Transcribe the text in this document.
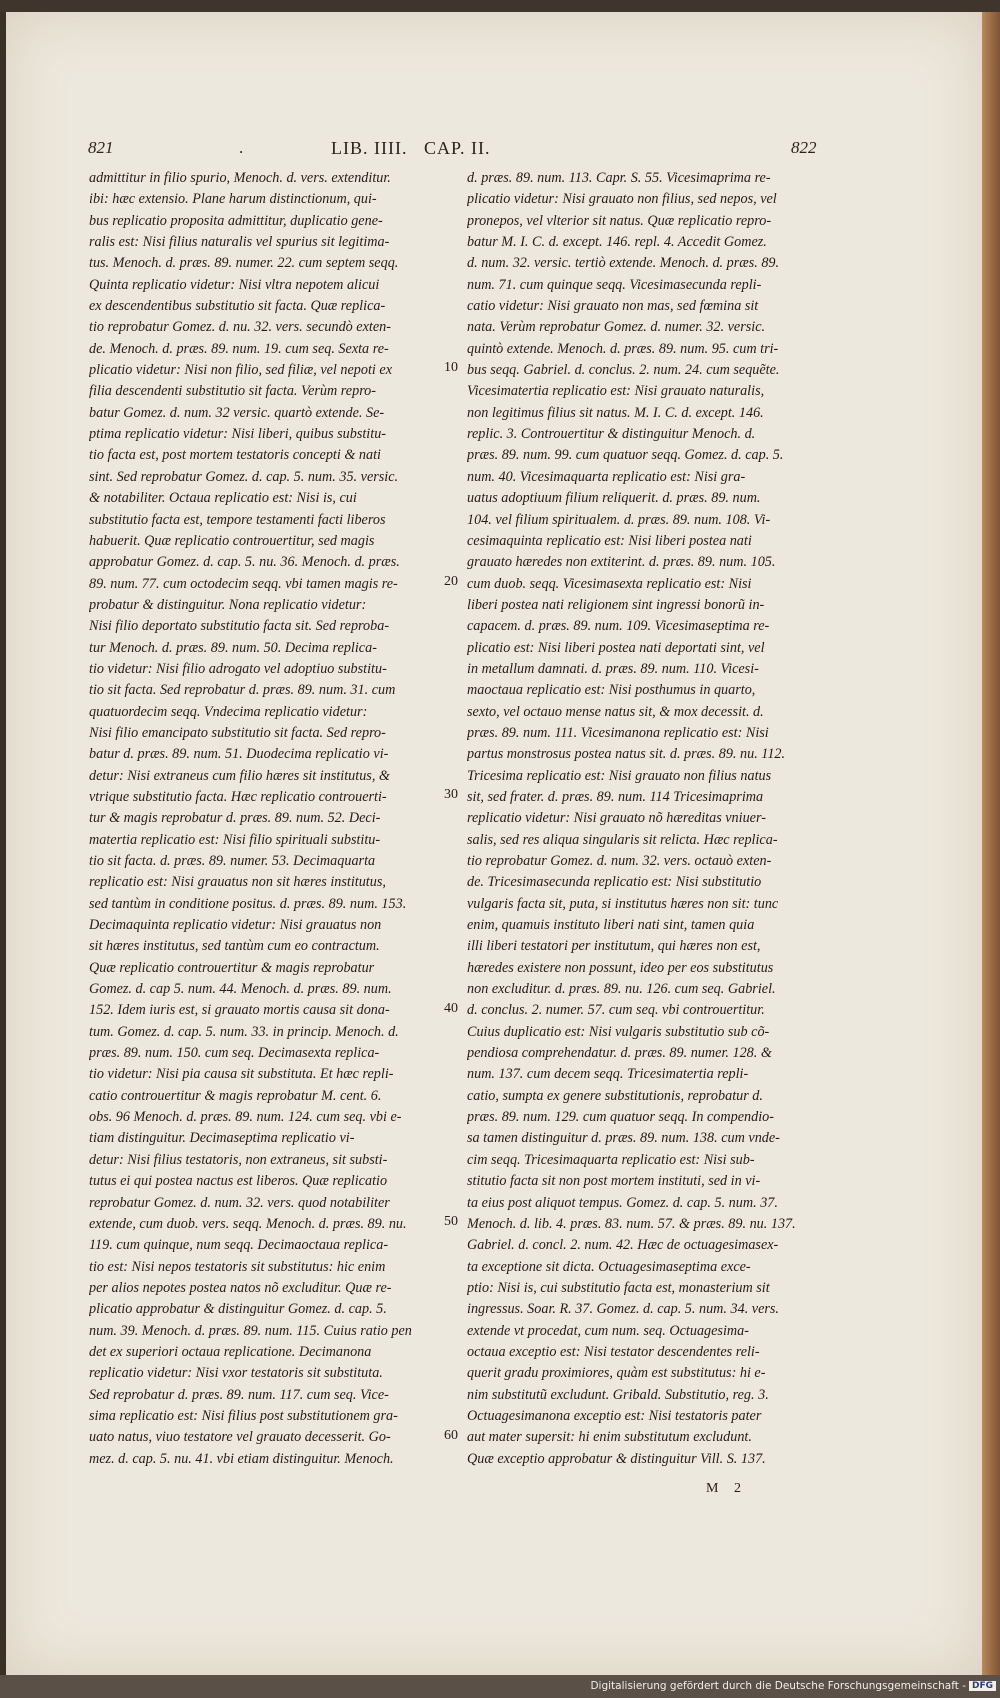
821	.	LIB. IIII.   CAP. II.	822
admittitur in filio spurio, Menoch. d. vers. extenditur.
ibi: hæc extensio. Plane harum distinctionum, qui-
bus replicatio proposita admittitur, duplicatio gene-
ralis est: Nisi filius naturalis vel spurius sit legitima-
tus. Menoch. d. præs. 89. numer. 22. cum septem seqq.
Quinta replicatio videtur: Nisi vltra nepotem alicui
ex descendentibus substitutio sit facta. Quæ replica-
tio reprobatur Gomez. d. nu. 32. vers. secundò exten-
de. Menoch. d. præs. 89. num. 19. cum seq. Sexta re-
plicatio videtur: Nisi non filio, sed filiæ, vel nepoti ex
filia descendenti substitutio sit facta. Verùm repro-
batur Gomez. d. num. 32 versic. quartò extende. Se-
ptima replicatio videtur: Nisi liberi, quibus substitu-
tio facta est, post mortem testatoris concepti & nati
sint. Sed reprobatur Gomez. d. cap. 5. num. 35. versic.
& notabiliter. Octaua replicatio est: Nisi is, cui
substitutio facta est, tempore testamenti facti liberos
habuerit. Quæ replicatio controuertitur, sed magis
approbatur Gomez. d. cap. 5. nu. 36. Menoch. d. præs.
89. num. 77. cum octodecim seqq. vbi tamen magis re-
probatur & distinguitur. Nona replicatio videtur:
Nisi filio deportato substitutio facta sit. Sed reproba-
tur Menoch. d. præs. 89. num. 50. Decima replica-
tio videtur: Nisi filio adrogato vel adoptiuo substitu-
tio sit facta. Sed reprobatur d. præs. 89. num. 31. cum
quatuordecim seqq. Vndecima replicatio videtur:
Nisi filio emancipato substitutio sit facta. Sed repro-
batur d. præs. 89. num. 51. Duodecima replicatio vi-
detur: Nisi extraneus cum filio hæres sit institutus, &
vtrique substitutio facta. Hæc replicatio controuerti-
tur & magis reprobatur d. præs. 89. num. 52. Deci-
matertia replicatio est: Nisi filio spirituali substitu-
tio sit facta. d. præs. 89. numer. 53. Decimaquarta
replicatio est: Nisi grauatus non sit hæres institutus,
sed tantùm in conditione positus. d. præs. 89. num. 153.
Decimaquinta replicatio videtur: Nisi grauatus non
sit hæres institutus, sed tantùm cum eo contractum.
Quæ replicatio controuertitur & magis reprobatur
Gomez. d. cap 5. num. 44. Menoch. d. præs. 89. num.
152. Idem iuris est, si grauato mortis causa sit dona-
tum. Gomez. d. cap. 5. num. 33. in princip. Menoch. d.
præs. 89. num. 150. cum seq. Decimasexta replica-
tio videtur: Nisi pia causa sit substituta. Et hæc repli-
catio controuertitur & magis reprobatur M. cent. 6.
obs. 96 Menoch. d. præs. 89. num. 124. cum seq. vbi e-
tiam distinguitur. Decimaseptima replicatio vi-
detur: Nisi filius testatoris, non extraneus, sit substi-
tutus ei qui postea nactus est liberos. Quæ replicatio
reprobatur Gomez. d. num. 32. vers. quod notabiliter
extende, cum duob. vers. seqq. Menoch. d. præs. 89. nu.
119. cum quinque, num seqq. Decimaoctaua replica-
tio est: Nisi nepos testatoris sit substitutus: hic enim
per alios nepotes postea natos nõ excluditur. Quæ re-
plicatio approbatur & distinguitur Gomez. d. cap. 5.
num. 39. Menoch. d. præs. 89. num. 115. Cuius ratio pen
det ex superiori octaua replicatione. Decimanona
replicatio videtur: Nisi vxor testatoris sit substituta.
Sed reprobatur d. præs. 89. num. 117. cum seq. Vice-
sima replicatio est: Nisi filius post substitutionem gra-
uato natus, viuo testatore vel grauato decesserit. Go-
mez. d. cap. 5. nu. 41. vbi etiam distinguitur. Menoch.
d. præs. 89. num. 113. Capr. S. 55. Vicesimaprima re-
plicatio videtur: Nisi grauato non filius, sed nepos, vel
pronepos, vel vlterior sit natus. Quæ replicatio repro-
batur M. I. C. d. except. 146. repl. 4. Accedit Gomez.
d. num. 32. versic. tertiò extende. Menoch. d. præs. 89.
num. 71. cum quinque seqq. Vicesimasecunda repli-
catio videtur: Nisi grauato non mas, sed fœmina sit
nata. Verùm reprobatur Gomez. d. numer. 32. versic.
quintò extende. Menoch. d. præs. 89. num. 95. cum tri-
bus seqq. Gabriel. d. conclus. 2. num. 24. cum sequẽte.
Vicesimatertia replicatio est: Nisi grauato naturalis,
non legitimus filius sit natus. M. I. C. d. except. 146.
replic. 3. Controuertitur & distinguitur Menoch. d.
præs. 89. num. 99. cum quatuor seqq. Gomez. d. cap. 5.
num. 40. Vicesimaquarta replicatio est: Nisi gra-
uatus adoptiuum filium reliquerit. d. præs. 89. num.
104. vel filium spiritualem. d. præs. 89. num. 108. Vi-
cesimaquinta replicatio est: Nisi liberi postea nati
grauato hæredes non extiterint. d. præs. 89. num. 105.
cum duob. seqq. Vicesimasexta replicatio est: Nisi
liberi postea nati religionem sint ingressi bonorũ in-
capacem. d. præs. 89. num. 109. Vicesimaseptima re-
plicatio est: Nisi liberi postea nati deportati sint, vel
in metallum damnati. d. præs. 89. num. 110. Vicesi-
maoctaua replicatio est: Nisi posthumus in quarto,
sexto, vel octauo mense natus sit, & mox decessit. d.
præs. 89. num. 111. Vicesimanona replicatio est: Nisi
partus monstrosus postea natus sit. d. præs. 89. nu. 112.
Tricesima replicatio est: Nisi grauato non filius natus
sit, sed frater. d. præs. 89. num. 114 Tricesimaprima
replicatio videtur: Nisi grauato nõ hæreditas vniuer-
salis, sed res aliqua singularis sit relicta. Hæc replica-
tio reprobatur Gomez. d. num. 32. vers. octauò exten-
de. Tricesimasecunda replicatio est: Nisi substitutio
vulgaris facta sit, puta, si institutus hæres non sit: tunc
enim, quamuis instituto liberi nati sint, tamen quia
illi liberi testatori per institutum, qui hæres non est,
hæredes existere non possunt, ideo per eos substitutus
non excluditur. d. præs. 89. nu. 126. cum seq. Gabriel.
d. conclus. 2. numer. 57. cum seq. vbi controuertitur.
Cuius duplicatio est: Nisi vulgaris substitutio sub cõ-
pendiosa comprehendatur. d. præs. 89. numer. 128. &
num. 137. cum decem seqq. Tricesimatertia repli-
catio, sumpta ex genere substitutionis, reprobatur d.
præs. 89. num. 129. cum quatuor seqq. In compendio-
sa tamen distinguitur d. præs. 89. num. 138. cum vnde-
cim seqq. Tricesimaquarta replicatio est: Nisi sub-
stitutio facta sit non post mortem instituti, sed in vi-
ta eius post aliquot tempus. Gomez. d. cap. 5. num. 37.
Menoch. d. lib. 4. præs. 83. num. 57. & præs. 89. nu. 137.
Gabriel. d. concl. 2. num. 42. Hæc de octuagesimasex-
ta exceptione sit dicta. Octuagesimaseptima exce-
ptio: Nisi is, cui substitutio facta est, monasterium sit
ingressus. Soar. R. 37. Gomez. d. cap. 5. num. 34. vers.
extende vt procedat, cum num. seq. Octuagesima-
octaua exceptio est: Nisi testator descendentes reli-
querit gradu proximiores, quàm est substitutus: hi e-
nim substitutũ excludunt. Gribald. Substitutio, reg. 3.
Octuagesimanona exceptio est: Nisi testatoris pater
aut mater supersit: hi enim substitutum excludunt.
Quæ exceptio approbatur & distinguitur Vill. S. 137.
10
20
30
40
50
60
M 2
Digitalisierung gefördert durch die Deutsche Forschungsgemeinschaft - DFG
